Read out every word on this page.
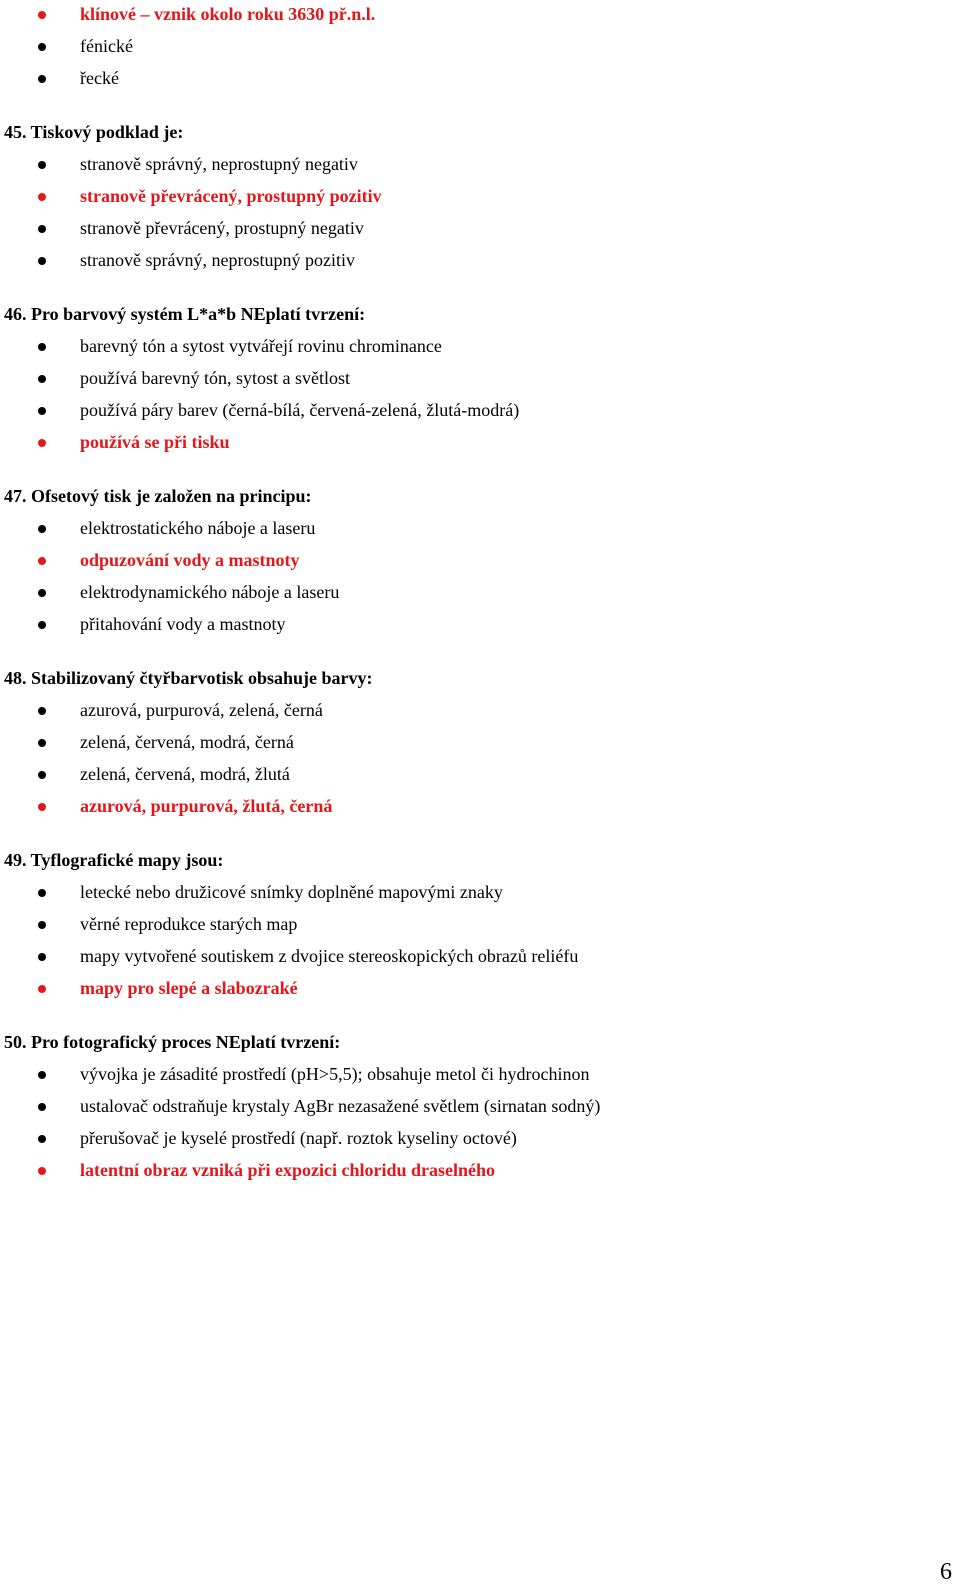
klínové – vznik okolo roku 3630 př.n.l.
fénické
řecké
45. Tiskový podklad je:
stranově správný, neprostupný negativ
stranově převrácený, prostupný pozitiv
stranově převrácený, prostupný negativ
stranově správný, neprostupný pozitiv
46. Pro barvový systém L*a*b NEplatí tvrzení:
barevný tón a sytost vytvářejí rovinu chrominance
používá barevný tón, sytost a světlost
používá páry barev (černá-bílá, červená-zelená, žlutá-modrá)
používá se při tisku
47. Ofsetový tisk je založen na principu:
elektrostatického náboje a laseru
odpuzování vody a mastnoty
elektrodynamického náboje a laseru
přitahování vody a mastnoty
48. Stabilizovaný čtyřbarvotisk obsahuje barvy:
azurová, purpurová, zelená, černá
zelená, červená, modrá, černá
zelená, červená, modrá, žlutá
azurová, purpurová, žlutá, černá
49. Tyflografické mapy jsou:
letecké nebo družicové snímky doplněné mapovými znaky
věrné reprodukce starých map
mapy vytvořené soutiskem z dvojice stereoskopických obrazů reliéfu
mapy pro slepé a slabozraké
50. Pro fotografický proces NEplatí tvrzení:
vývojka je zásadité prostředí (pH>5,5); obsahuje metol či hydrochinon
ustalovač odstraňuje krystaly AgBr nezasažené světlem (sirnatan sodný)
přerušovač je kyselé prostředí (např. roztok kyseliny octové)
latentní obraz vzniká při expozici chloridu draselného
6
